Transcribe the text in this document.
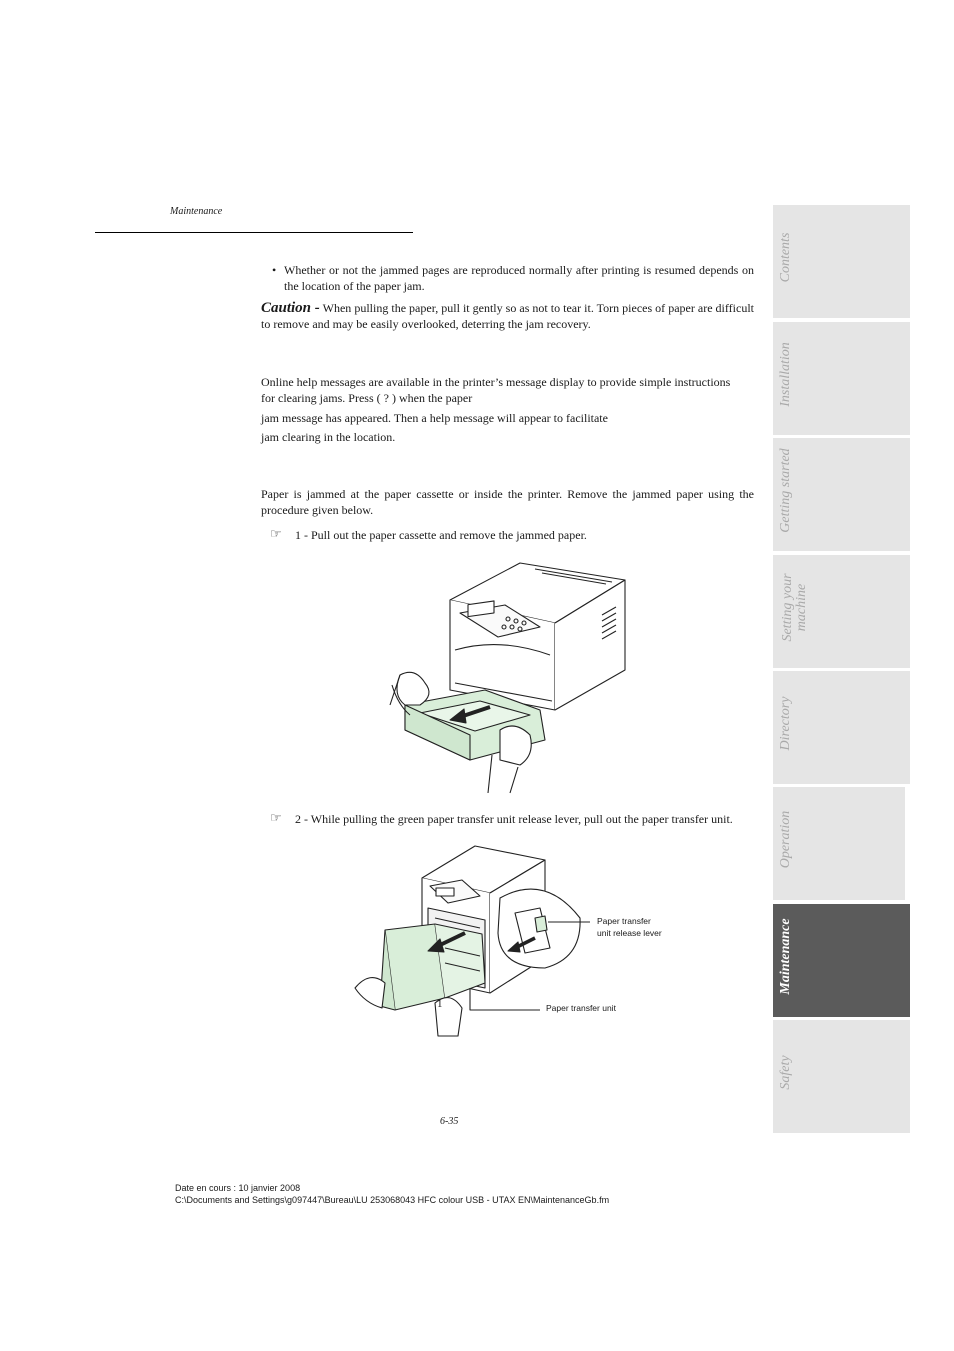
Maintenance
• Whether or not the jammed pages are reproduced normally after printing is resumed depends on the location of the paper jam.
Caution - When pulling the paper, pull it gently so as not to tear it. Torn pieces of paper are difficult to remove and may be easily overlooked, deterring the jam recovery.
Online help messages are available in the printer’s message display to provide simple instructions
for clearing jams. Press ( ? ) when the paper
jam message has appeared. Then a help message will appear to facilitate
jam clearing in the location.
Paper is jammed at the paper cassette or inside the printer. Remove the jammed paper using the procedure given below.
☞ 1 - Pull out the paper cassette and remove the jammed paper.
☞ 2 - While pulling the green paper transfer unit release lever, pull out the paper transfer unit.
Paper transfer
unit release lever
Paper transfer unit
1
6-35
Date en cours : 10 janvier 2008
C:\Documents and Settings\g097447\Bureau\LU 253068043 HFC colour USB - UTAX EN\MaintenanceGb.fm
Contents
Installation
Getting started
Setting your machine
Directory
Operation
Maintenance
Safety
